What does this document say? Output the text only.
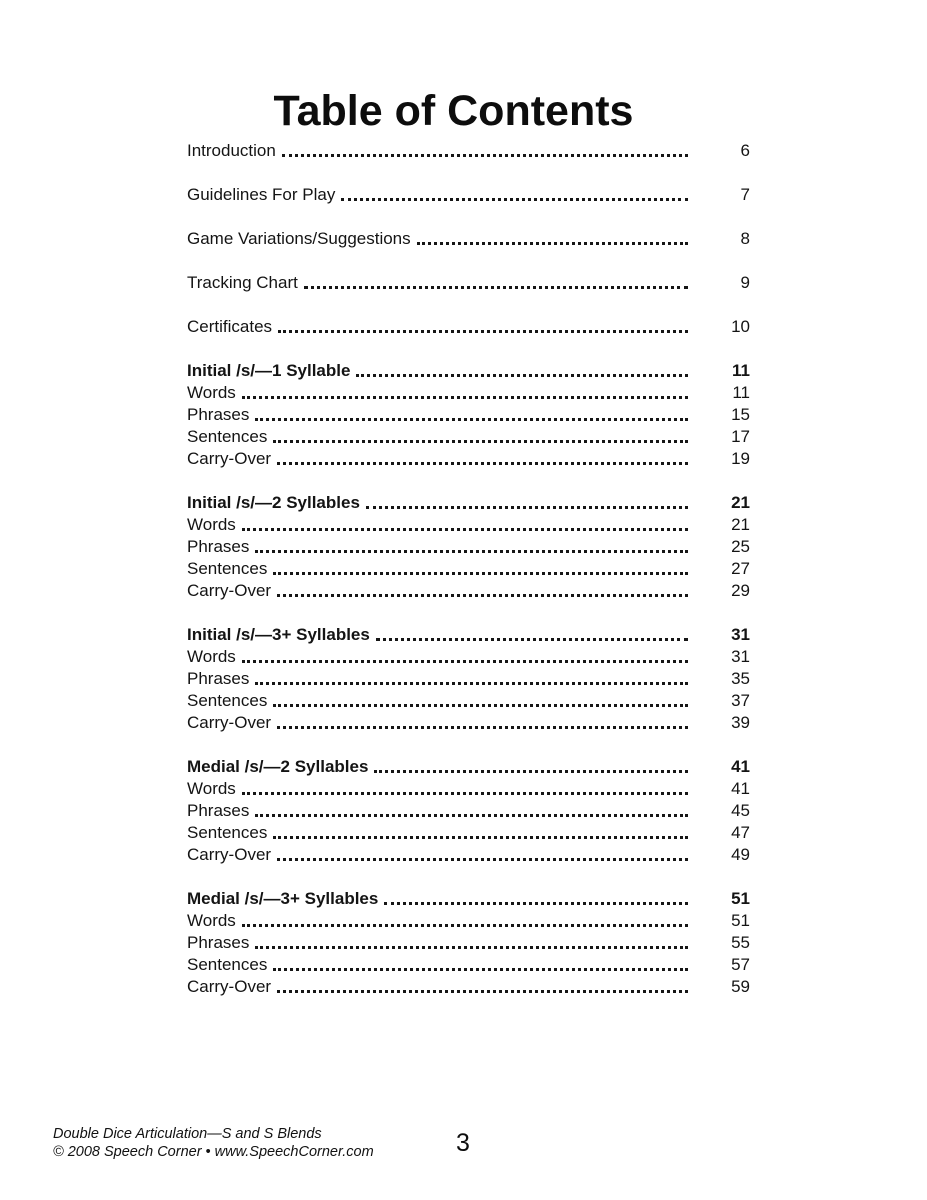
Table of Contents
Introduction	6
Guidelines For Play	7
Game Variations/Suggestions	8
Tracking Chart	9
Certificates	10
Initial /s/—1 Syllable	11
Words	11
Phrases	15
Sentences	17
Carry-Over	19
Initial /s/—2 Syllables	21
Words	21
Phrases	25
Sentences	27
Carry-Over	29
Initial /s/—3+ Syllables	31
Words	31
Phrases	35
Sentences	37
Carry-Over	39
Medial /s/—2 Syllables	41
Words	41
Phrases	45
Sentences	47
Carry-Over	49
Medial /s/—3+ Syllables	51
Words	51
Phrases	55
Sentences	57
Carry-Over	59
Double Dice Articulation—S and S Blends
© 2008 Speech Corner • www.SpeechCorner.com	3
